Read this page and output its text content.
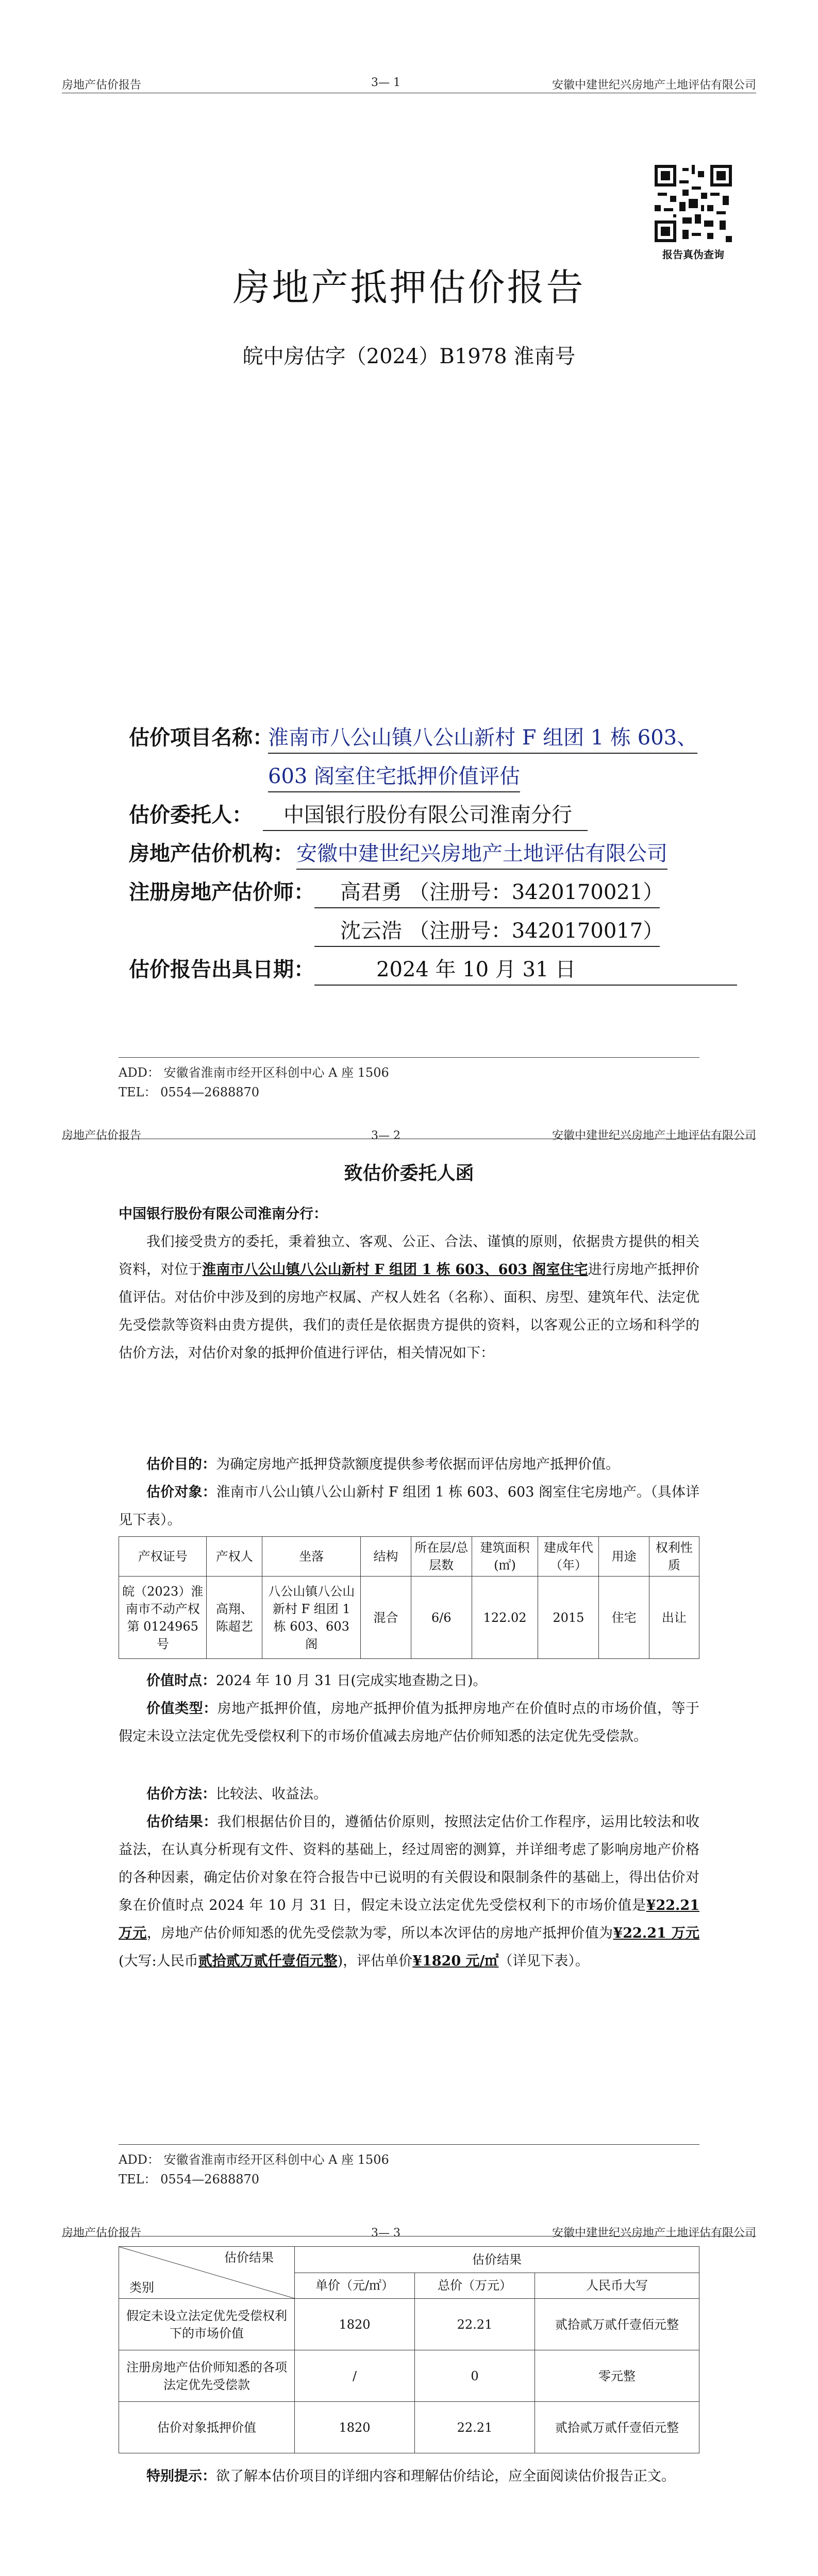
房地产估价报告	3— 1	安徽中建世纪兴房地产土地评估有限公司
报告真伪查询
房地产抵押估价报告
皖中房估字（2024）B1978 淮南号
估价项目名称：
淮南市八公山镇八公山新村 F 组团 1 栋 603、
603 阁室住宅抵押价值评估
估价委托人：	中国银行股份有限公司淮南分行
房地产估价机构： 安徽中建世纪兴房地产土地评估有限公司
注册房地产估价师：	高君勇 （注册号：3420170021）
沈云浩 （注册号：3420170017）
估价报告出具日期：	2024 年 10 月 31 日
ADD： 安徽省淮南市经开区科创中心 A 座 1506
TEL： 0554—2688870
房地产估价报告	3— 2	安徽中建世纪兴房地产土地评估有限公司
致估价委托人函
中国银行股份有限公司淮南分行：
我们接受贵方的委托，秉着独立、客观、公正、合法、谨慎的原则，依据贵方提供的相关资料，对位于淮南市八公山镇八公山新村 F 组团 1 栋 603、603 阁室住宅进行房地产抵押价值评估。对估价中涉及到的房地产权属、产权人姓名（名称）、面积、房型、建筑年代、法定优先受偿款等资料由贵方提供，我们的责任是依据贵方提供的资料，以客观公正的立场和科学的估价方法，对估价对象的抵押价值进行评估，相关情况如下：
估价目的：为确定房地产抵押贷款额度提供参考依据而评估房地产抵押价值。
估价对象：淮南市八公山镇八公山新村 F 组团 1 栋 603、603 阁室住宅房地产。（具体详见下表）。
产权证号	产权人	坐落	结构	所在层/总层数	建筑面积(㎡)	建成年代（年）	用途	权利性质
皖（2023）淮南市不动产权第 0124965 号	高翔、陈超艺	八公山镇八公山新村 F 组团 1 栋 603、603 阁	混合	6/6	122.02	2015	住宅	出让
价值时点：2024 年 10 月 31 日(完成实地查勘之日)。
价值类型：房地产抵押价值，房地产抵押价值为抵押房地产在价值时点的市场价值，等于假定未设立法定优先受偿权利下的市场价值减去房地产估价师知悉的法定优先受偿款。
估价方法：比较法、收益法。
估价结果：我们根据估价目的，遵循估价原则，按照法定估价工作程序，运用比较法和收益法，在认真分析现有文件、资料的基础上，经过周密的测算，并详细考虑了影响房地产价格的各种因素，确定估价对象在符合报告中已说明的有关假设和限制条件的基础上，得出估价对象在价值时点 2024 年 10 月 31 日，假定未设立法定优先受偿权利下的市场价值是¥22.21 万元，房地产估价师知悉的优先受偿款为零，所以本次评估的房地产抵押价值为¥22.21 万元(大写:人民币贰拾贰万贰仟壹佰元整)，评估单价¥1820 元/㎡（详见下表）。
ADD： 安徽省淮南市经开区科创中心 A 座 1506
TEL： 0554—2688870
房地产估价报告	3— 3	安徽中建世纪兴房地产土地评估有限公司
估价结果
类别	估价结果		
	单价（元/㎡）	总价（万元）	人民币大写
假定未设立法定优先受偿权利下的市场价值	1820	22.21	贰拾贰万贰仟壹佰元整
注册房地产估价师知悉的各项法定优先受偿款	/	0	零元整
估价对象抵押价值	1820	22.21	贰拾贰万贰仟壹佰元整
特别提示：欲了解本估价项目的详细内容和理解估价结论，应全面阅读估价报告正文。
